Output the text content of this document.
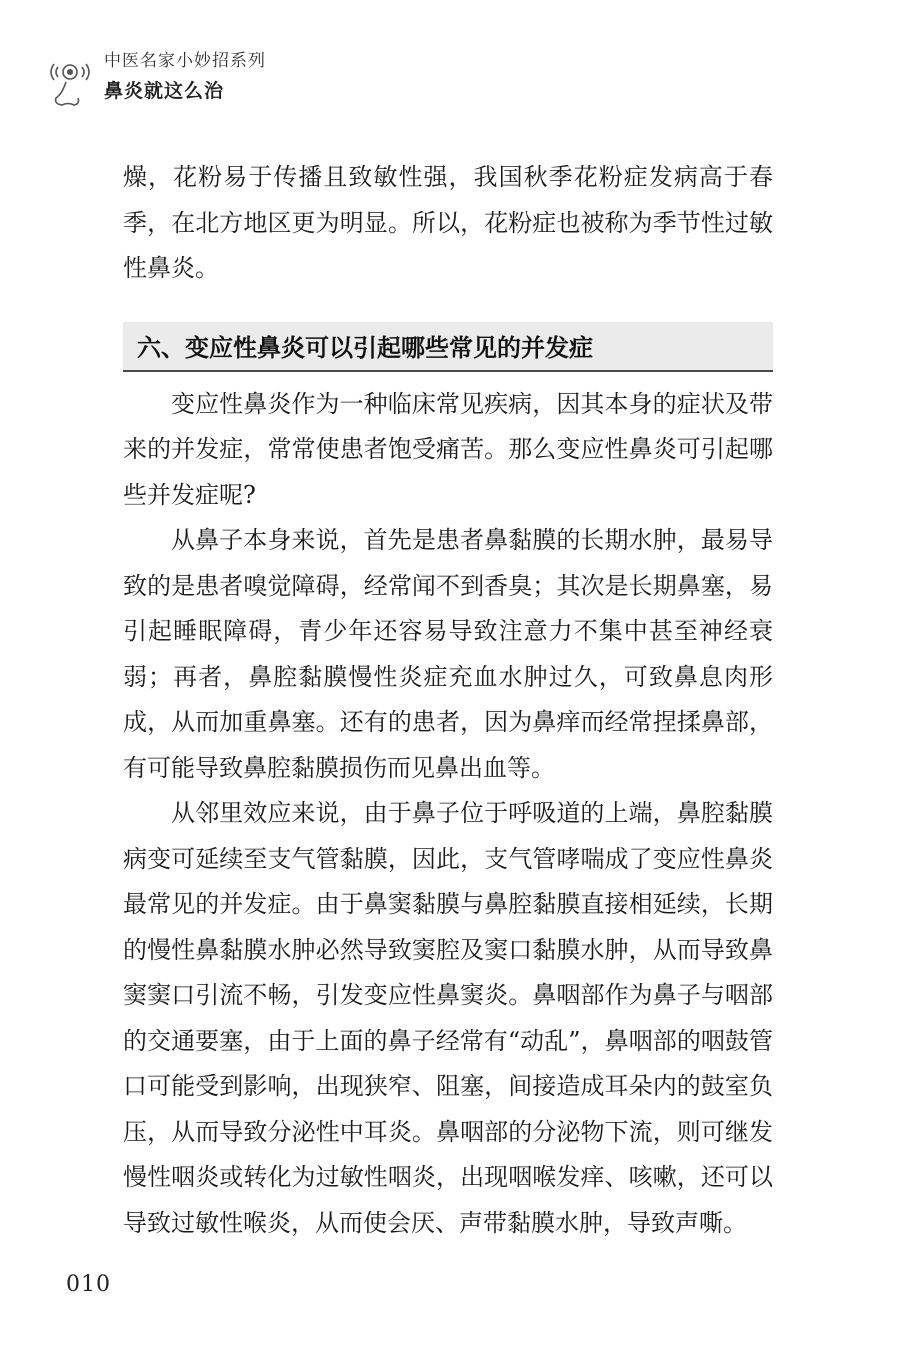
中医名家小妙招系列
鼻炎就这么治

燥，花粉易于传播且致敏性强，我国秋季花粉症发病高于春季，在北方地区更为明显。所以，花粉症也被称为季节性过敏性鼻炎。

六、变应性鼻炎可以引起哪些常见的并发症

变应性鼻炎作为一种临床常见疾病，因其本身的症状及带来的并发症，常常使患者饱受痛苦。那么变应性鼻炎可引起哪些并发症呢?

从鼻子本身来说，首先是患者鼻黏膜的长期水肿，最易导致的是患者嗅觉障碍，经常闻不到香臭；其次是长期鼻塞，易引起睡眠障碍，青少年还容易导致注意力不集中甚至神经衰弱；再者，鼻腔黏膜慢性炎症充血水肿过久，可致鼻息肉形成，从而加重鼻塞。还有的患者，因为鼻痒而经常捏揉鼻部，有可能导致鼻腔黏膜损伤而见鼻出血等。

从邻里效应来说，由于鼻子位于呼吸道的上端，鼻腔黏膜病变可延续至支气管黏膜，因此，支气管哮喘成了变应性鼻炎最常见的并发症。由于鼻窦黏膜与鼻腔黏膜直接相延续，长期的慢性鼻黏膜水肿必然导致窦腔及窦口黏膜水肿，从而导致鼻窦窦口引流不畅，引发变应性鼻窦炎。鼻咽部作为鼻子与咽部的交通要塞，由于上面的鼻子经常有“动乱”，鼻咽部的咽鼓管口可能受到影响，出现狭窄、阻塞，间接造成耳朵内的鼓室负压，从而导致分泌性中耳炎。鼻咽部的分泌物下流，则可继发慢性咽炎或转化为过敏性咽炎，出现咽喉发痒、咳嗽，还可以导致过敏性喉炎，从而使会厌、声带黏膜水肿，导致声嘶。

010
